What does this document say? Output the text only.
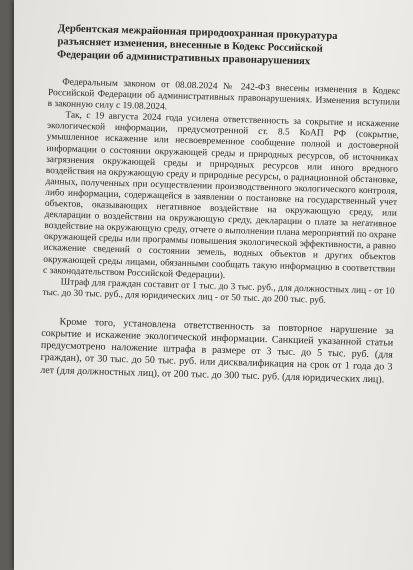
Дербентская межрайонная природоохранная прокуратура разъясняет изменения, внесенные в Кодекс Российской Федерации об административных правонарушениях

Федеральным законом от 08.08.2024 № 242-ФЗ внесены изменения в Кодекс Российской Федерации об административных правонарушениях. Изменения вступили в законную силу с 19.08.2024.

Так, с 19 августа 2024 года усилена ответственность за сокрытие и искажение экологической информации, предусмотренной ст. 8.5 КоАП РФ (сокрытие, умышленное искажение или несвоевременное сообщение полной и достоверной информации о состоянии окружающей среды и природных ресурсов, об источниках загрязнения окружающей среды и природных ресурсов или иного вредного воздействия на окружающую среду и природные ресурсы, о радиационной обстановке, данных, полученных при осуществлении производственного экологического контроля, либо информации, содержащейся в заявлении о постановке на государственный учет объектов, оказывающих негативное воздействие на окружающую среду, или декларации о воздействии на окружающую среду, декларации о плате за негативное воздействие на окружающую среду, отчете о выполнении плана мероприятий по охране окружающей среды или программы повышения экологической эффективности, а равно искажение сведений о состоянии земель, водных объектов и других объектов окружающей среды лицами, обязанными сообщать такую информацию в соответствии с законодательством Российской Федерации).

Штраф для граждан составит от 1 тыс. до 3 тыс. руб., для должностных лиц - от 10 тыс. до 30 тыс. руб., для юридических лиц - от 50 тыс. до 200 тыс. руб.

Кроме того, установлена ответственность за повторное нарушение за сокрытие и искажение экологической информации. Санкцией указанной статьи предусмотрено наложение штрафа в размере от 3 тыс. до 5 тыс. руб. (для граждан), от 30 тыс. до 50 тыс. руб. или дисквалификация на срок от 1 года до 3 лет (для должностных лиц), от 200 тыс. до 300 тыс. руб. (для юридических лиц).
